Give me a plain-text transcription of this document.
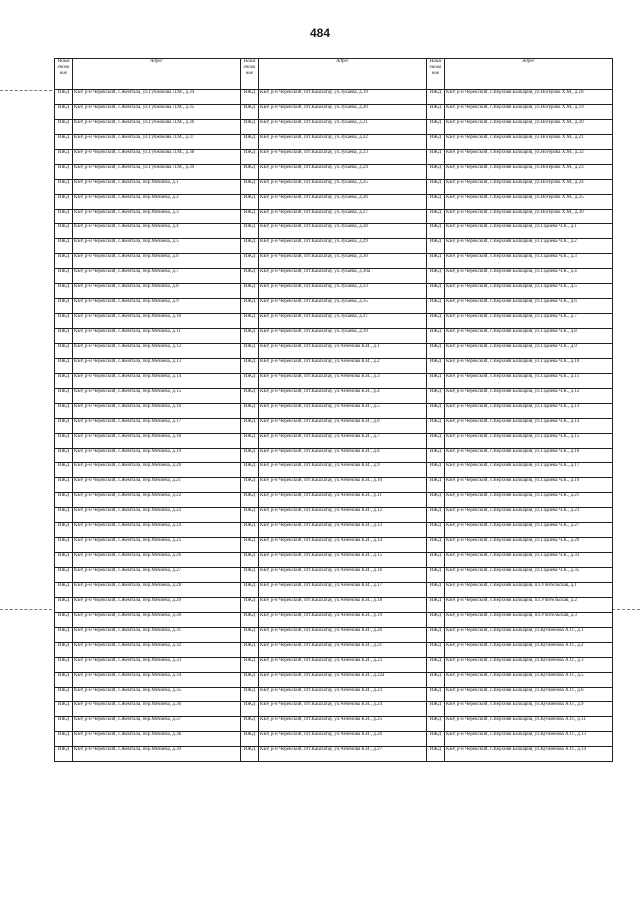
484
Наим енова ние	Адрес	Наим енова ние	Адрес	Наим енова ние	Адрес
ИЖД	КБР, р-н Черекский, с.Жемтала, ул.Губжокова Л.М., д.34	ИЖД	КБР, р-н Черекский, пгт.Кашхатау, ул.Зукаева, д.19	ИЖД	КБР, р-н Черекский, с.Верхняя Балкария, ул.Ногерова Х.М., д.18
ИЖД	КБР, р-н Черекский, с.Жемтала, ул.Губжокова Л.М., д.35	ИЖД	КБР, р-н Черекский, пгт.Кашхатау, ул.Зукаева, д.20	ИЖД	КБР, р-н Черекский, с.Верхняя Балкария, ул.Ногерова Х.М., д.19
ИЖД	КБР, р-н Черекский, с.Жемтала, ул.Губжокова Л.М., д.36	ИЖД	КБР, р-н Черекский, пгт.Кашхатау, ул.Зукаева, д.21	ИЖД	КБР, р-н Черекский, с.Верхняя Балкария, ул.Ногерова Х.М., д.20
ИЖД	КБР, р-н Черекский, с.Жемтала, ул.Губжокова Л.М., д.37	ИЖД	КБР, р-н Черекский, пгт.Кашхатау, ул.Зукаева, д.22	ИЖД	КБР, р-н Черекский, с.Верхняя Балкария, ул.Ногерова Х.М., д.21
ИЖД	КБР, р-н Черекский, с.Жемтала, ул.Губжокова Л.М., д.38	ИЖД	КБР, р-н Черекский, пгт.Кашхатау, ул.Зукаева, д.23	ИЖД	КБР, р-н Черекский, с.Верхняя Балкария, ул.Ногерова Х.М., д.22
ИЖД	КБР, р-н Черекский, с.Жемтала, ул.Губжокова Л.М., д.39	ИЖД	КБР, р-н Черекский, пгт.Кашхатау, ул.Зукаева, д.24	ИЖД	КБР, р-н Черекский, с.Верхняя Балкария, ул.Ногерова Х.М., д.23
ИЖД	КБР, р-н Черекский, с.Жемтала, пер.Мечиева, д.1	ИЖД	КБР, р-н Черекский, пгт.Кашхатау, ул.Зукаева, д.25	ИЖД	КБР, р-н Черекский, с.Верхняя Балкария, ул.Ногерова Х.М., д.24
ИЖД	КБР, р-н Черекский, с.Жемтала, пер.Мечиева, д.2	ИЖД	КБР, р-н Черекский, пгт.Кашхатау, ул.Зукаева, д.26	ИЖД	КБР, р-н Черекский, с.Верхняя Балкария, ул.Ногерова Х.М., д.25
ИЖД	КБР, р-н Черекский, с.Жемтала, пер.Мечиева, д.3	ИЖД	КБР, р-н Черекский, пгт.Кашхатау, ул.Зукаева, д.27	ИЖД	КБР, р-н Черекский, с.Верхняя Балкария, ул.Ногерова Х.М., д.30
ИЖД	КБР, р-н Черекский, с.Жемтала, пер.Мечиева, д.4	ИЖД	КБР, р-н Черекский, пгт.Кашхатау, ул.Зукаева, д.28	ИЖД	КБР, р-н Черекский, с.Верхняя Балкария, ул.Гадиева Ч.К., д.1
ИЖД	КБР, р-н Черекский, с.Жемтала, пер.Мечиева, д.5	ИЖД	КБР, р-н Черекский, пгт.Кашхатау, ул.Зукаева, д.29	ИЖД	КБР, р-н Черекский, с.Верхняя Балкария, ул.Гадиева Ч.К., д.2
ИЖД	КБР, р-н Черекский, с.Жемтала, пер.Мечиева, д.6	ИЖД	КБР, р-н Черекский, пгт.Кашхатау, ул.Зукаева, д.30	ИЖД	КБР, р-н Черекский, с.Верхняя Балкария, ул.Гадиева Ч.К., д.3
ИЖД	КБР, р-н Черекский, с.Жемтала, пер.Мечиева, д.7	ИЖД	КБР, р-н Черекский, пгт.Кашхатау, ул.Зукаева, д.30а	ИЖД	КБР, р-н Черекский, с.Верхняя Балкария, ул.Гадиева Ч.К., д.4
ИЖД	КБР, р-н Черекский, с.Жемтала, пер.Мечиева, д.8	ИЖД	КБР, р-н Черекский, пгт.Кашхатау, ул.Зукаева, д.33	ИЖД	КБР, р-н Черекский, с.Верхняя Балкария, ул.Гадиева Ч.К., д.5
ИЖД	КБР, р-н Черекский, с.Жемтала, пер.Мечиева, д.9	ИЖД	КБР, р-н Черекский, пгт.Кашхатау, ул.Зукаева, д.35	ИЖД	КБР, р-н Черекский, с.Верхняя Балкария, ул.Гадиева Ч.К., д.6
ИЖД	КБР, р-н Черекский, с.Жемтала, пер.Мечиева, д.10	ИЖД	КБР, р-н Черекский, пгт.Кашхатау, ул.Зукаева, д.37	ИЖД	КБР, р-н Черекский, с.Верхняя Балкария, ул.Гадиева Ч.К., д.7
ИЖД	КБР, р-н Черекский, с.Жемтала, пер.Мечиева, д.11	ИЖД	КБР, р-н Черекский, пгт.Кашхатау, ул.Зукаева, д.39	ИЖД	КБР, р-н Черекский, с.Верхняя Балкария, ул.Гадиева Ч.К., д.8
ИЖД	КБР, р-н Черекский, с.Жемтала, пер.Мечиева, д.12	ИЖД	КБР, р-н Черекский, пгт.Кашхатау, ул.Чеченова К.И., д.1	ИЖД	КБР, р-н Черекский, с.Верхняя Балкария, ул.Гадиева Ч.К., д.9
ИЖД	КБР, р-н Черекский, с.Жемтала, пер.Мечиева, д.13	ИЖД	КБР, р-н Черекский, пгт.Кашхатау, ул.Чеченова К.И., д.2	ИЖД	КБР, р-н Черекский, с.Верхняя Балкария, ул.Гадиева Ч.К., д.10
ИЖД	КБР, р-н Черекский, с.Жемтала, пер.Мечиева, д.14	ИЖД	КБР, р-н Черекский, пгт.Кашхатау, ул.Чеченова К.И., д.3	ИЖД	КБР, р-н Черекский, с.Верхняя Балкария, ул.Гадиева Ч.К., д.11
ИЖД	КБР, р-н Черекский, с.Жемтала, пер.Мечиева, д.15	ИЖД	КБР, р-н Черекский, пгт.Кашхатау, ул.Чеченова К.И., д.4	ИЖД	КБР, р-н Черекский, с.Верхняя Балкария, ул.Гадиева Ч.К., д.12
ИЖД	КБР, р-н Черекский, с.Жемтала, пер.Мечиева, д.16	ИЖД	КБР, р-н Черекский, пгт.Кашхатау, ул.Чеченова К.И., д.5	ИЖД	КБР, р-н Черекский, с.Верхняя Балкария, ул.Гадиева Ч.К., д.13
ИЖД	КБР, р-н Черекский, с.Жемтала, пер.Мечиева, д.17	ИЖД	КБР, р-н Черекский, пгт.Кашхатау, ул.Чеченова К.И., д.6	ИЖД	КБР, р-н Черекский, с.Верхняя Балкария, ул.Гадиева Ч.К., д.14
ИЖД	КБР, р-н Черекский, с.Жемтала, пер.Мечиева, д.18	ИЖД	КБР, р-н Черекский, пгт.Кашхатау, ул.Чеченова К.И., д.7	ИЖД	КБР, р-н Черекский, с.Верхняя Балкария, ул.Гадиева Ч.К., д.15
ИЖД	КБР, р-н Черекский, с.Жемтала, пер.Мечиева, д.19	ИЖД	КБР, р-н Черекский, пгт.Кашхатау, ул.Чеченова К.И., д.8	ИЖД	КБР, р-н Черекский, с.Верхняя Балкария, ул.Гадиева Ч.К., д.16
ИЖД	КБР, р-н Черекский, с.Жемтала, пер.Мечиева, д.20	ИЖД	КБР, р-н Черекский, пгт.Кашхатау, ул.Чеченова К.И., д.9	ИЖД	КБР, р-н Черекский, с.Верхняя Балкария, ул.Гадиева Ч.К., д.17
ИЖД	КБР, р-н Черекский, с.Жемтала, пер.Мечиева, д.21	ИЖД	КБР, р-н Черекский, пгт.Кашхатау, ул.Чеченова К.И., д.10	ИЖД	КБР, р-н Черекский, с.Верхняя Балкария, ул.Гадиева Ч.К., д.19
ИЖД	КБР, р-н Черекский, с.Жемтала, пер.Мечиева, д.22	ИЖД	КБР, р-н Черекский, пгт.Кашхатау, ул.Чеченова К.И., д.11	ИЖД	КБР, р-н Черекский, с.Верхняя Балкария, ул.Гадиева Ч.К., д.21
ИЖД	КБР, р-н Черекский, с.Жемтала, пер.Мечиева, д.23	ИЖД	КБР, р-н Черекский, пгт.Кашхатау, ул.Чеченова К.И., д.12	ИЖД	КБР, р-н Черекский, с.Верхняя Балкария, ул.Гадиева Ч.К., д.23
ИЖД	КБР, р-н Черекский, с.Жемтала, пер.Мечиева, д.24	ИЖД	КБР, р-н Черекский, пгт.Кашхатау, ул.Чеченова К.И., д.13	ИЖД	КБР, р-н Черекский, с.Верхняя Балкария, ул.Гадиева Ч.К., д.27
ИЖД	КБР, р-н Черекский, с.Жемтала, пер.Мечиева, д.25	ИЖД	КБР, р-н Черекский, пгт.Кашхатау, ул.Чеченова К.И., д.14	ИЖД	КБР, р-н Черекский, с.Верхняя Балкария, ул.Гадиева Ч.К., д.29
ИЖД	КБР, р-н Черекский, с.Жемтала, пер.Мечиева, д.26	ИЖД	КБР, р-н Черекский, пгт.Кашхатау, ул.Чеченова К.И., д.15	ИЖД	КБР, р-н Черекский, с.Верхняя Балкария, ул.Гадиева Ч.К., д.33
ИЖД	КБР, р-н Черекский, с.Жемтала, пер.Мечиева, д.27	ИЖД	КБР, р-н Черекский, пгт.Кашхатау, ул.Чеченова К.И., д.16	ИЖД	КБР, р-н Черекский, с.Верхняя Балкария, ул.Гадиева Ч.К., д.35
ИЖД	КБР, р-н Черекский, с.Жемтала, пер.Мечиева, д.28	ИЖД	КБР, р-н Черекский, пгт.Кашхатау, ул.Чеченова К.И., д.17	ИЖД	КБР, р-н Черекский, с.Верхняя Балкария, пл.Учительская, д.1
ИЖД	КБР, р-н Черекский, с.Жемтала, пер.Мечиева, д.29	ИЖД	КБР, р-н Черекский, пгт.Кашхатау, ул.Чеченова К.И., д.18	ИЖД	КБР, р-н Черекский, с.Верхняя Балкария, пл.Учительская, д.2
ИЖД	КБР, р-н Черекский, с.Жемтала, пер.Мечиева, д.30	ИЖД	КБР, р-н Черекский, пгт.Кашхатау, ул.Чеченова К.И., д.19	ИЖД	КБР, р-н Черекский, с.Верхняя Балкария, пл.Учительская, д.3
ИЖД	КБР, р-н Черекский, с.Жемтала, пер.Мечиева, д.31	ИЖД	КБР, р-н Черекский, пгт.Кашхатау, ул.Чеченова К.И., д.20	ИЖД	КБР, р-н Черекский, с.Верхняя Балкария, ул.Кучменова А.О., д.1
ИЖД	КБР, р-н Черекский, с.Жемтала, пер.Мечиева, д.32	ИЖД	КБР, р-н Черекский, пгт.Кашхатау, ул.Чеченова К.И., д.21	ИЖД	КБР, р-н Черекский, с.Верхняя Балкария, ул.Кучменова А.О., д.2
ИЖД	КБР, р-н Черекский, с.Жемтала, пер.Мечиева, д.33	ИЖД	КБР, р-н Черекский, пгт.Кашхатау, ул.Чеченова К.И., д.22	ИЖД	КБР, р-н Черекский, с.Верхняя Балкария, ул.Кучменова А.О., д.3
ИЖД	КБР, р-н Черекский, с.Жемтала, пер.Мечиева, д.34	ИЖД	КБР, р-н Черекский, пгт.Кашхатау, ул.Чеченова К.И., д.22а	ИЖД	КБР, р-н Черекский, с.Верхняя Балкария, ул.Кучменова А.О., д.5
ИЖД	КБР, р-н Черекский, с.Жемтала, пер.Мечиева, д.35	ИЖД	КБР, р-н Черекский, пгт.Кашхатау, ул.Чеченова К.И., д.23	ИЖД	КБР, р-н Черекский, с.Верхняя Балкария, ул.Кучменова А.О., д.6
ИЖД	КБР, р-н Черекский, с.Жемтала, пер.Мечиева, д.36	ИЖД	КБР, р-н Черекский, пгт.Кашхатау, ул.Чеченова К.И., д.24	ИЖД	КБР, р-н Черекский, с.Верхняя Балкария, ул.Кучменова А.О., д.9
ИЖД	КБР, р-н Черекский, с.Жемтала, пер.Мечиева, д.37	ИЖД	КБР, р-н Черекский, пгт.Кашхатау, ул.Чеченова К.И., д.25	ИЖД	КБР, р-н Черекский, с.Верхняя Балкария, ул.Кучменова А.О., д.11
ИЖД	КБР, р-н Черекский, с.Жемтала, пер.Мечиева, д.38	ИЖД	КБР, р-н Черекский, пгт.Кашхатау, ул.Чеченова К.И., д.26	ИЖД	КБР, р-н Черекский, с.Верхняя Балкария, ул.Кучменова А.О., д.13
ИЖД	КБР, р-н Черекский, с.Жемтала, пер.Мечиева, д.39	ИЖД	КБР, р-н Черекский, пгт.Кашхатау, ул.Чеченова К.И., д.27	ИЖД	КБР, р-н Черекский, с.Верхняя Балкария, ул.Кучменова А.О., д.14
